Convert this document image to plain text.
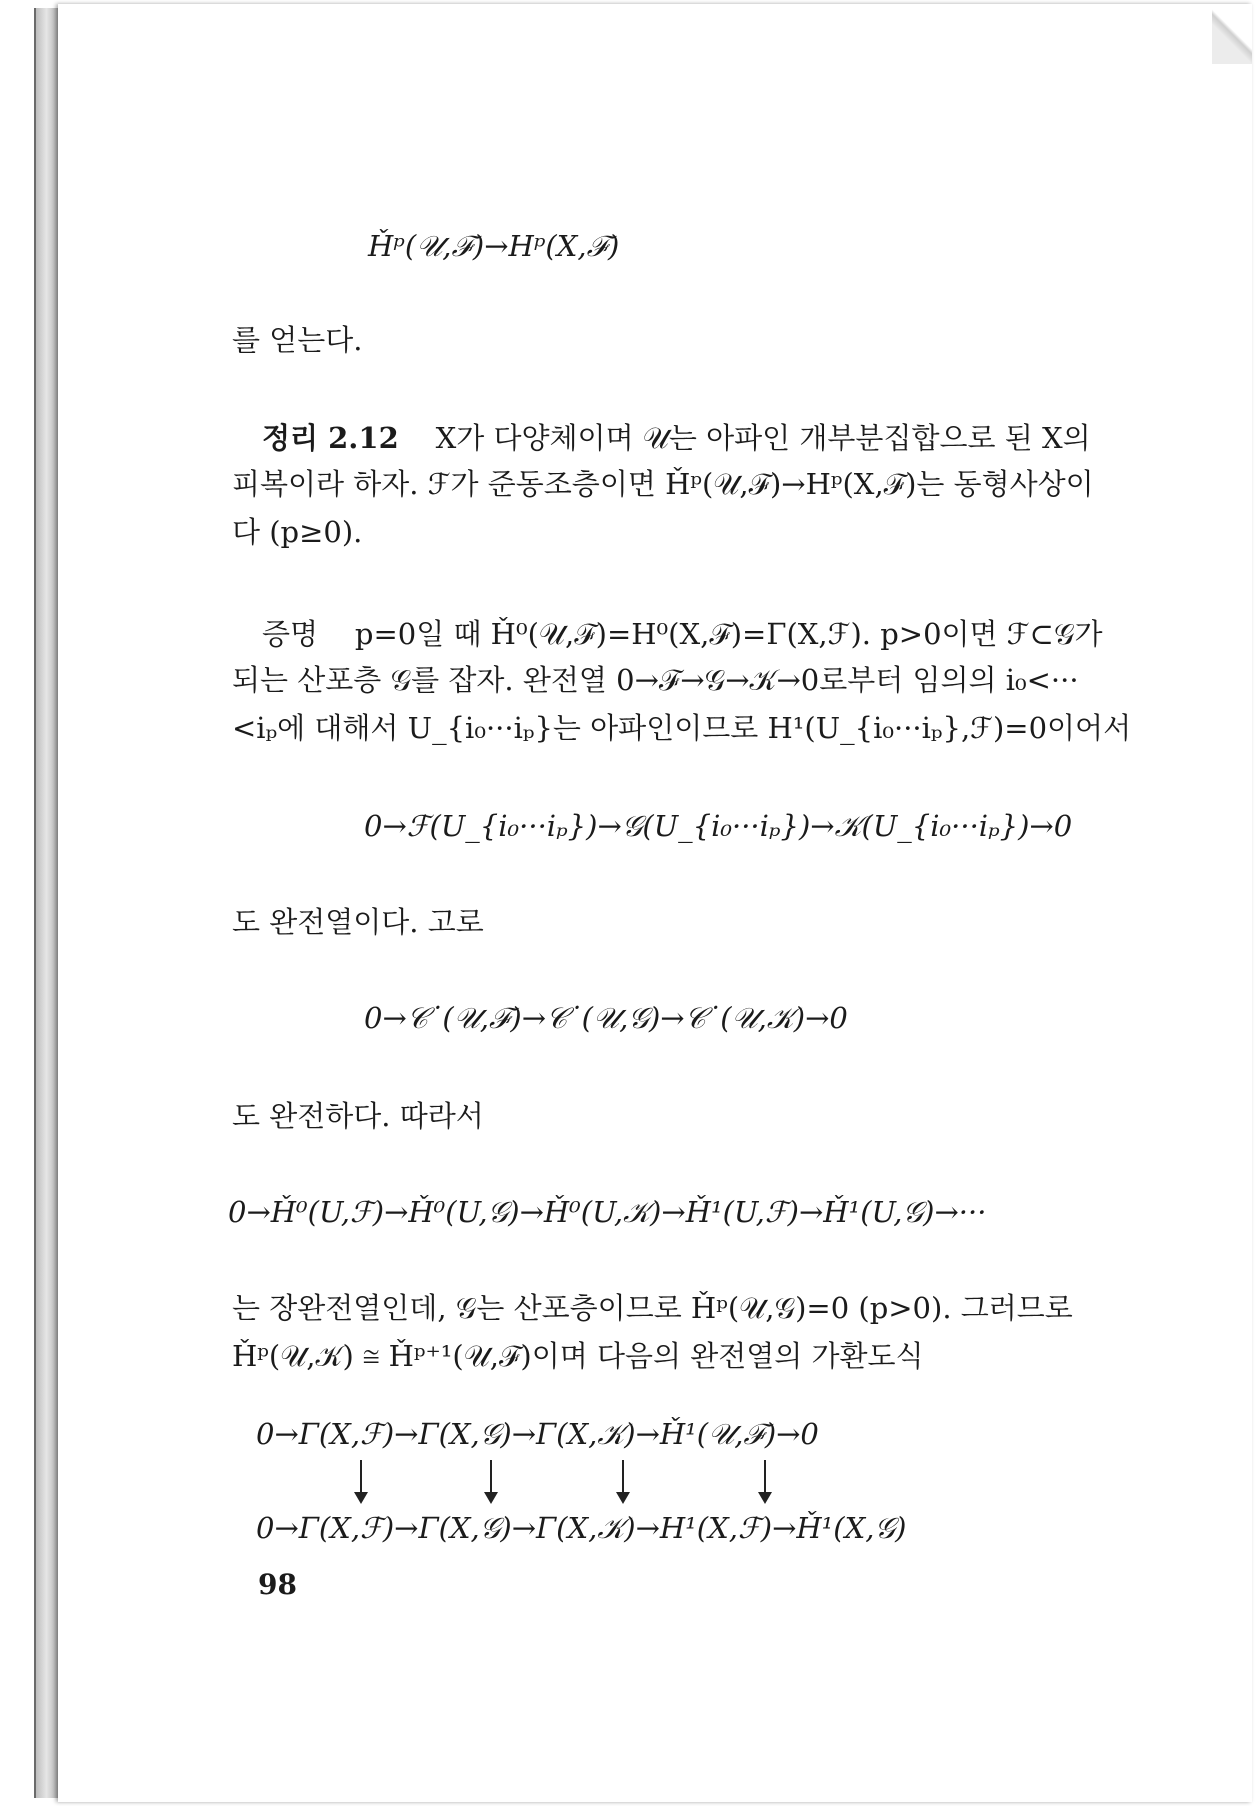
Ȟᵖ(𝒰,ℱ)→Hᵖ(X,ℱ)
를 얻는다.
정리 2.12 X가 다양체이며 𝒰는 아파인 개부분집합으로 된 X의
피복이라 하자. ℱ가 준동조층이면 Ȟᵖ(𝒰,ℱ)→Hᵖ(X,ℱ)는 동형사상이
다 (p≥0).
증명 p=0일 때 Ȟ⁰(𝒰,ℱ)=H⁰(X,ℱ)=Γ(X,ℱ). p>0이면 ℱ⊂𝒢가
되는 산포층 𝒢를 잡자. 완전열 0→ℱ→𝒢→𝒦→0로부터 임의의 i₀<···
<iₚ에 대해서 U_{i₀···iₚ}는 아파인이므로 H¹(U_{i₀···iₚ},ℱ)=0이어서
0→ℱ(U_{i₀···iₚ})→𝒢(U_{i₀···iₚ})→𝒦(U_{i₀···iₚ})→0
도 완전열이다. 고로
0→𝒞˙(𝒰,ℱ)→𝒞˙(𝒰,𝒢)→𝒞˙(𝒰,𝒦)→0
도 완전하다. 따라서
0→Ȟ⁰(U,ℱ)→Ȟ⁰(U,𝒢)→Ȟ⁰(U,𝒦)→Ȟ¹(U,ℱ)→Ȟ¹(U,𝒢)→···
는 장완전열인데, 𝒢는 산포층이므로 Ȟᵖ(𝒰,𝒢)=0 (p>0). 그러므로
Ȟᵖ(𝒰,𝒦) ≅ Ȟᵖ⁺¹(𝒰,ℱ)이며 다음의 완전열의 가환도식
0→Γ(X,ℱ)→Γ(X,𝒢)→Γ(X,𝒦)→Ȟ¹(𝒰,ℱ)→0
0→Γ(X,ℱ)→Γ(X,𝒢)→Γ(X,𝒦)→H¹(X,ℱ)→Ȟ¹(X,𝒢)
98
